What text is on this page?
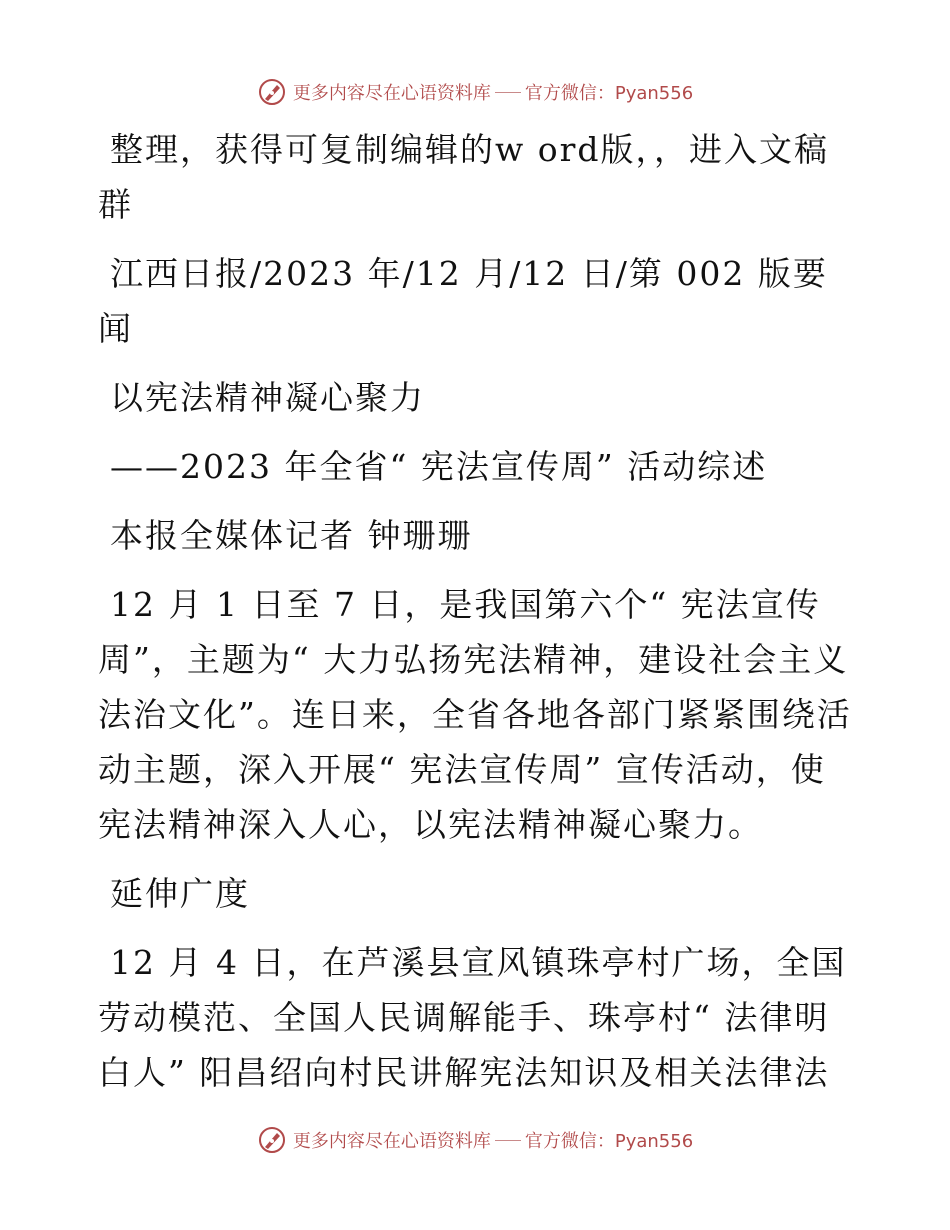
更多内容尽在心语资料库 官方微信：Pyan556

整理，获得可复制编辑的w ord版，，进入文稿群

江西日报/2023 年/12 月/12 日/第 002 版要闻

以宪法精神凝心聚力

——2023 年全省“ 宪法宣传周” 活动综述

本报全媒体记者 钟珊珊

12 月 1 日至 7 日，是我国第六个“ 宪法宣传周”，主题为“ 大力弘扬宪法精神，建设社会主义法治文化”。连日来，全省各地各部门紧紧围绕活动主题，深入开展“ 宪法宣传周” 宣传活动，使宪法精神深入人心，以宪法精神凝心聚力。

延伸广度

12 月 4 日，在芦溪县宣风镇珠亭村广场，全国劳动模范、全国人民调解能手、珠亭村“ 法律明白人” 阳昌绍向村民讲解宪法知识及相关法律法

更多内容尽在心语资料库 官方微信：Pyan556
